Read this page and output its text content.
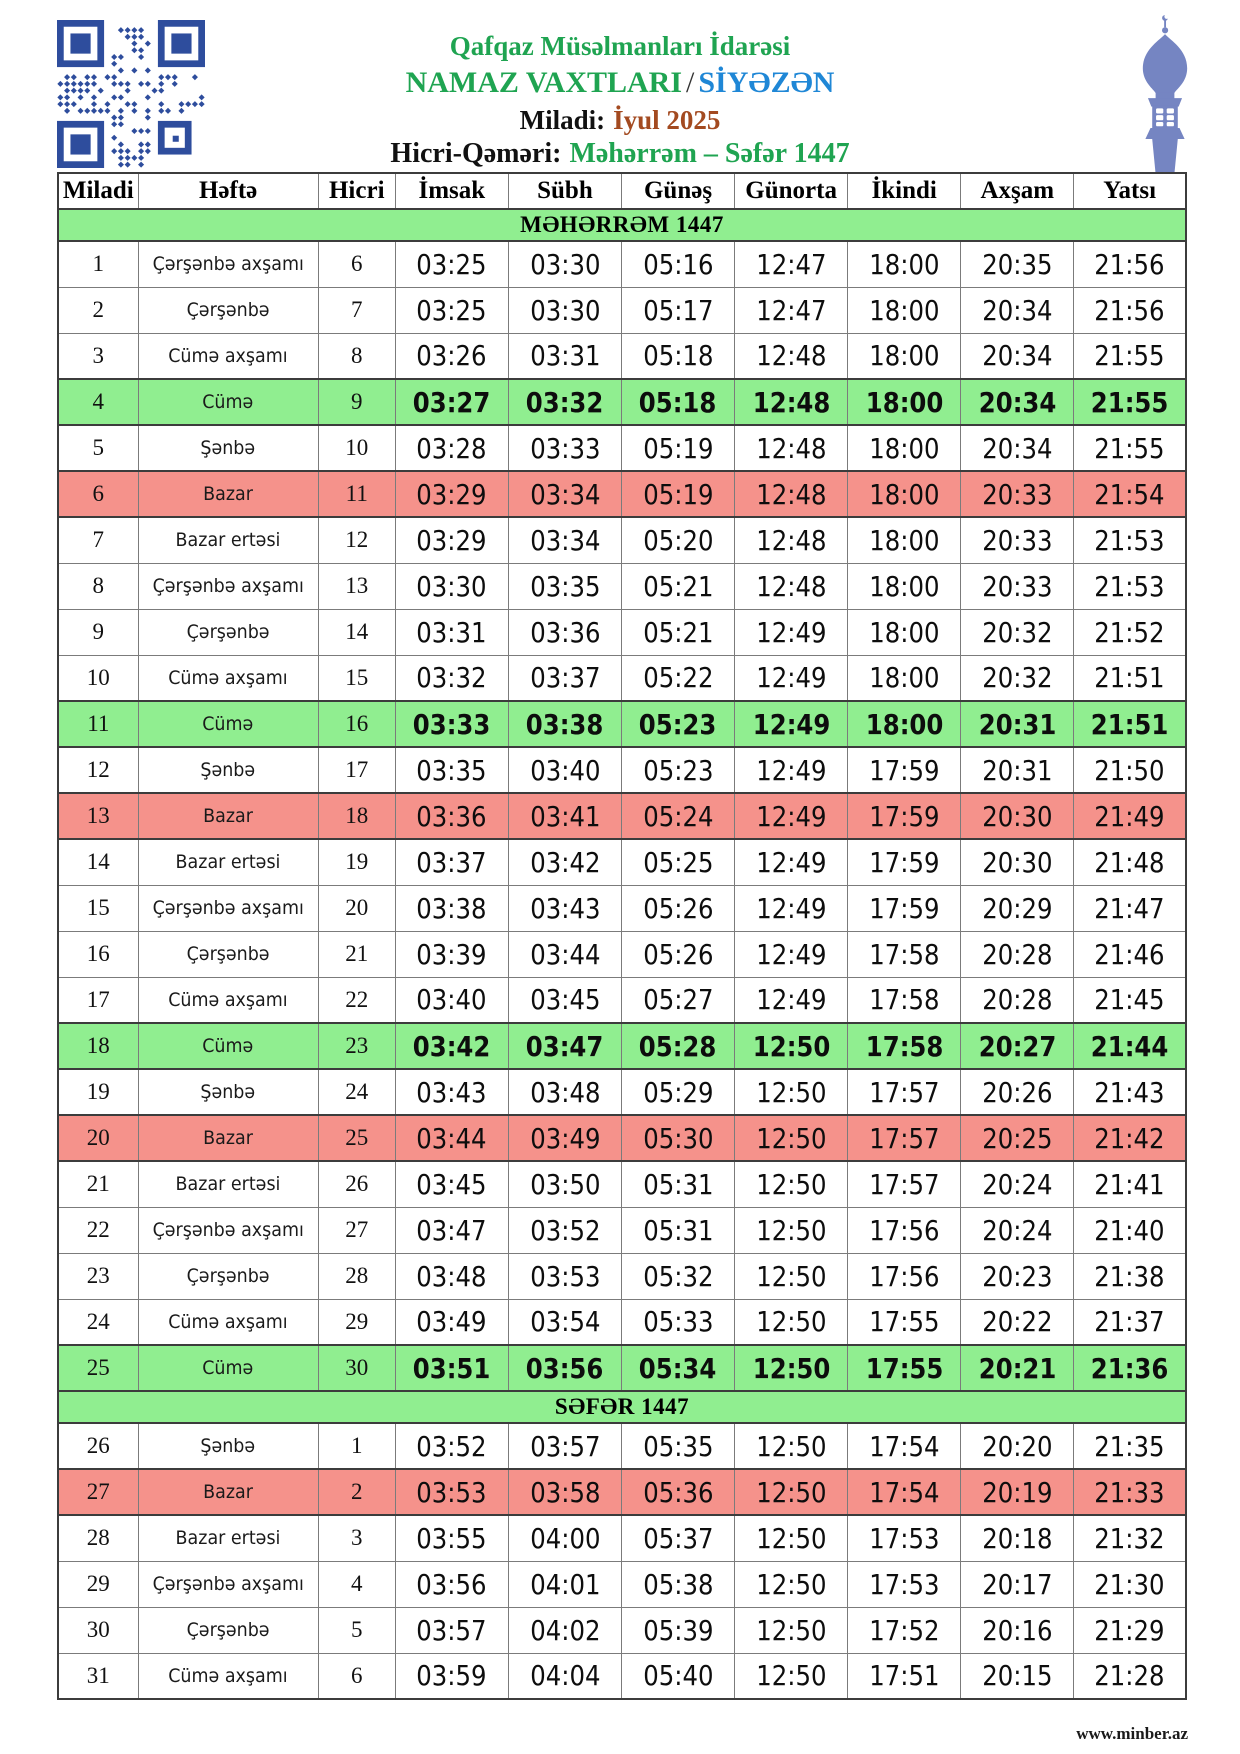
Qafqaz Müsəlmanları İdarəsi
NAMAZ VAXTLARI / SİYƏZƏN
Miladi: İyul 2025
Hicri-Qəməri: Məhərrəm – Səfər 1447
Miladi	Həftə	Hicri	İmsak	Sübh	Günəş	Günorta	İkindi	Axşam	Yatsı
MƏHƏRRƏM 1447									
1	Çərşənbə axşamı	6	03:25	03:30	05:16	12:47	18:00	20:35	21:56
2	Çərşənbə	7	03:25	03:30	05:17	12:47	18:00	20:34	21:56
3	Cümə axşamı	8	03:26	03:31	05:18	12:48	18:00	20:34	21:55
4	Cümə	9	03:27	03:32	05:18	12:48	18:00	20:34	21:55
5	Şənbə	10	03:28	03:33	05:19	12:48	18:00	20:34	21:55
6	Bazar	11	03:29	03:34	05:19	12:48	18:00	20:33	21:54
7	Bazar ertəsi	12	03:29	03:34	05:20	12:48	18:00	20:33	21:53
8	Çərşənbə axşamı	13	03:30	03:35	05:21	12:48	18:00	20:33	21:53
9	Çərşənbə	14	03:31	03:36	05:21	12:49	18:00	20:32	21:52
10	Cümə axşamı	15	03:32	03:37	05:22	12:49	18:00	20:32	21:51
11	Cümə	16	03:33	03:38	05:23	12:49	18:00	20:31	21:51
12	Şənbə	17	03:35	03:40	05:23	12:49	17:59	20:31	21:50
13	Bazar	18	03:36	03:41	05:24	12:49	17:59	20:30	21:49
14	Bazar ertəsi	19	03:37	03:42	05:25	12:49	17:59	20:30	21:48
15	Çərşənbə axşamı	20	03:38	03:43	05:26	12:49	17:59	20:29	21:47
16	Çərşənbə	21	03:39	03:44	05:26	12:49	17:58	20:28	21:46
17	Cümə axşamı	22	03:40	03:45	05:27	12:49	17:58	20:28	21:45
18	Cümə	23	03:42	03:47	05:28	12:50	17:58	20:27	21:44
19	Şənbə	24	03:43	03:48	05:29	12:50	17:57	20:26	21:43
20	Bazar	25	03:44	03:49	05:30	12:50	17:57	20:25	21:42
21	Bazar ertəsi	26	03:45	03:50	05:31	12:50	17:57	20:24	21:41
22	Çərşənbə axşamı	27	03:47	03:52	05:31	12:50	17:56	20:24	21:40
23	Çərşənbə	28	03:48	03:53	05:32	12:50	17:56	20:23	21:38
24	Cümə axşamı	29	03:49	03:54	05:33	12:50	17:55	20:22	21:37
25	Cümə	30	03:51	03:56	05:34	12:50	17:55	20:21	21:36
SƏFƏR 1447									
26	Şənbə	1	03:52	03:57	05:35	12:50	17:54	20:20	21:35
27	Bazar	2	03:53	03:58	05:36	12:50	17:54	20:19	21:33
28	Bazar ertəsi	3	03:55	04:00	05:37	12:50	17:53	20:18	21:32
29	Çərşənbə axşamı	4	03:56	04:01	05:38	12:50	17:53	20:17	21:30
30	Çərşənbə	5	03:57	04:02	05:39	12:50	17:52	20:16	21:29
31	Cümə axşamı	6	03:59	04:04	05:40	12:50	17:51	20:15	21:28
www.minber.az
